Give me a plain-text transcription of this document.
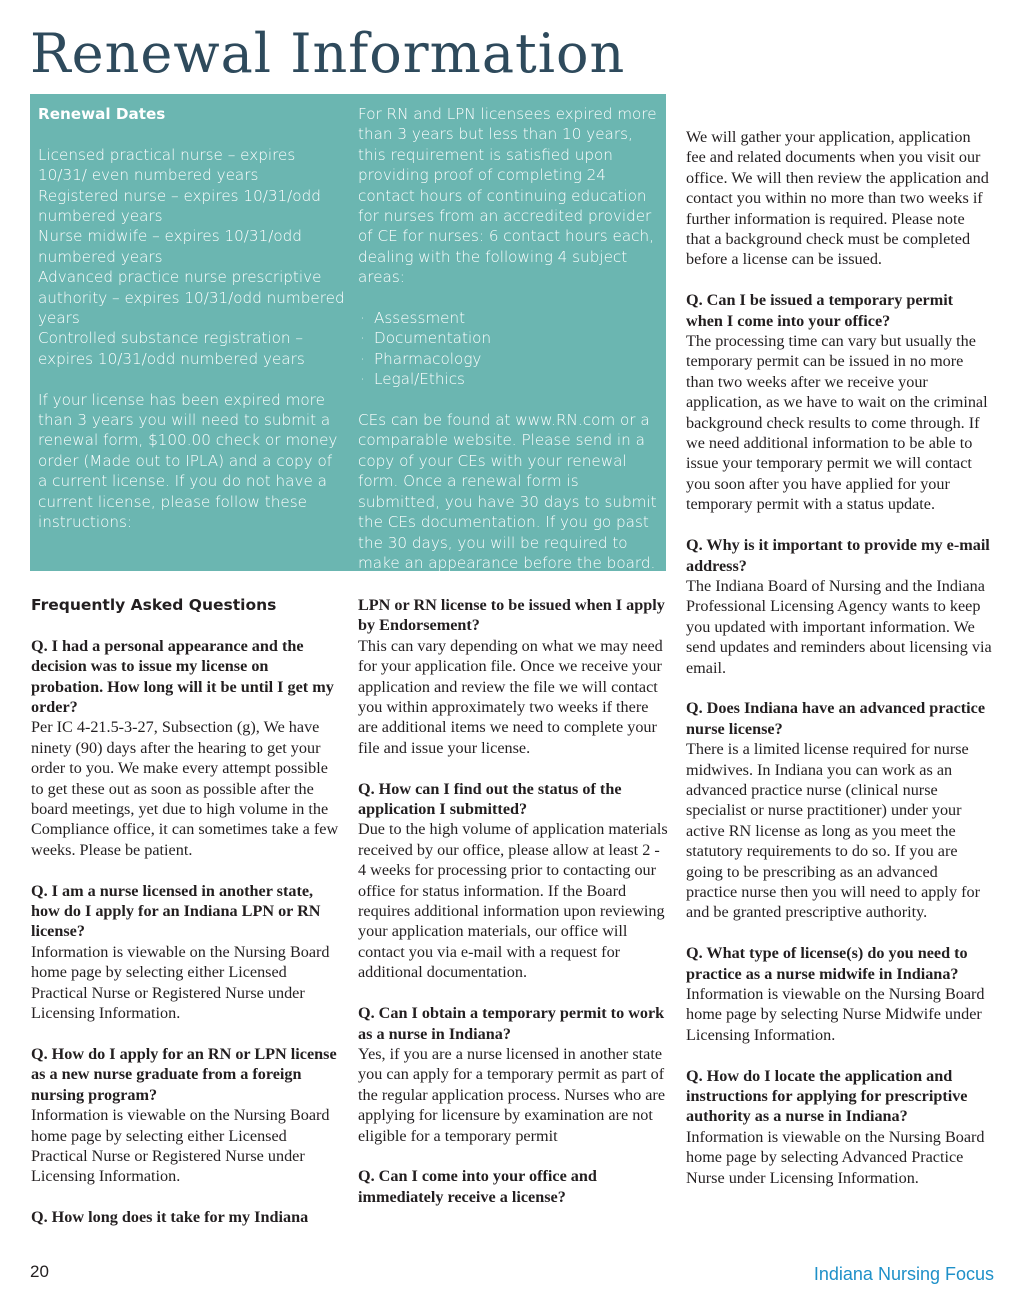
Renewal Information

Renewal Dates

Licensed practical nurse – expires 10/31/ even numbered years

Registered nurse – expires 10/31/odd numbered years

Nurse midwife – expires 10/31/odd numbered years

Advanced practice nurse prescriptive authority – expires 10/31/odd numbered years

Controlled substance registration – expires 10/31/odd numbered years

If your license has been expired more than 3 years you will need to submit a renewal form, $100.00 check or money order (Made out to IPLA) and a copy of a current license. If you do not have a current license, please follow these instructions:

For RN and LPN licensees expired more than 3 years but less than 10 years, this requirement is satisfied upon providing proof of completing 24 contact hours of continuing education for nurses from an accredited provider of CE for nurses: 6 contact hours each, dealing with the following 4 subject areas:

· Assessment
· Documentation
· Pharmacology
· Legal/Ethics

CEs can be found at www.RN.com or a comparable website. Please send in a copy of your CEs with your renewal form. Once a renewal form is submitted, you have 30 days to submit the CEs documentation. If you go past the 30 days, you will be required to make an appearance before the board.

Frequently Asked Questions

Q. I had a personal appearance and the decision was to issue my license on probation. How long will it be until I get my order?

Per IC 4-21.5-3-27, Subsection (g), We have ninety (90) days after the hearing to get your order to you. We make every attempt possible to get these out as soon as possible after the board meetings, yet due to high volume in the Compliance office, it can sometimes take a few weeks. Please be patient.

Q. I am a nurse licensed in another state, how do I apply for an Indiana LPN or RN license?

Information is viewable on the Nursing Board home page by selecting either Licensed Practical Nurse or Registered Nurse under Licensing Information.

Q. How do I apply for an RN or LPN license as a new nurse graduate from a foreign nursing program?

Information is viewable on the Nursing Board home page by selecting either Licensed Practical Nurse or Registered Nurse under Licensing Information.

Q. How long does it take for my Indiana

LPN or RN license to be issued when I apply by Endorsement?

This can vary depending on what we may need for your application file. Once we receive your application and review the file we will contact you within approximately two weeks if there are additional items we need to complete your file and issue your license.

Q. How can I find out the status of the application I submitted?

Due to the high volume of application materials received by our office, please allow at least 2 - 4 weeks for processing prior to contacting our office for status information. If the Board requires additional information upon reviewing your application materials, our office will contact you via e-mail with a request for additional documentation.

Q. Can I obtain a temporary permit to work as a nurse in Indiana?

Yes, if you are a nurse licensed in another state you can apply for a temporary permit as part of the regular application process. Nurses who are applying for licensure by examination are not eligible for a temporary permit

Q. Can I come into your office and immediately receive a license?

We will gather your application, application fee and related documents when you visit our office. We will then review the application and contact you within no more than two weeks if further information is required. Please note that a background check must be completed before a license can be issued.

Q. Can I be issued a temporary permit when I come into your office?

The processing time can vary but usually the temporary permit can be issued in no more than two weeks after we receive your application, as we have to wait on the criminal background check results to come through. If we need additional information to be able to issue your temporary permit we will contact you soon after you have applied for your temporary permit with a status update.

Q. Why is it important to provide my e-mail address?

The Indiana Board of Nursing and the Indiana Professional Licensing Agency wants to keep you updated with important information. We send updates and reminders about licensing via email.

Q. Does Indiana have an advanced practice nurse license?

There is a limited license required for nurse midwives. In Indiana you can work as an advanced practice nurse (clinical nurse specialist or nurse practitioner) under your active RN license as long as you meet the statutory requirements to do so. If you are going to be prescribing as an advanced practice nurse then you will need to apply for and be granted prescriptive authority.

Q. What type of license(s) do you need to practice as a nurse midwife in Indiana?

Information is viewable on the Nursing Board home page by selecting Nurse Midwife under Licensing Information.

Q. How do I locate the application and instructions for applying for prescriptive authority as a nurse in Indiana?

Information is viewable on the Nursing Board home page by selecting Advanced Practice Nurse under Licensing Information.

20	Indiana Nursing Focus
